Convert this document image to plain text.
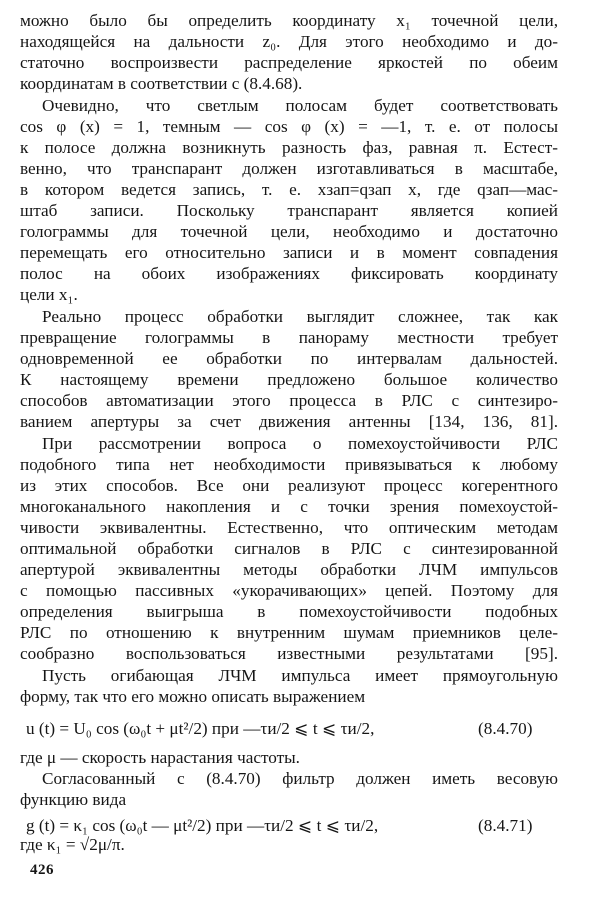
можно было бы определить координату x₁ точечной цели,
находящейся на дальности z₀. Для этого необходимо и до-
статочно воспроизвести распределение яркостей по обеим
координатам в соответствии с (8.4.68).
Очевидно, что светлым полосам будет соответствовать
cos φ (x) = 1, темным — cos φ (x) = —1, т. е. от полосы
к полосе должна возникнуть разность фаз, равная π. Естест-
венно, что транспарант должен изготавливаться в масштабе,
в котором ведется запись, т. е. xзап=qзап x, где qзап—мас-
штаб записи. Поскольку транспарант является копией
голограммы для точечной цели, необходимо и достаточно
перемещать его относительно записи и в момент совпадения
полос на обоих изображениях фиксировать координату
цели x₁.
Реально процесс обработки выглядит сложнее, так как
превращение голограммы в панораму местности требует
одновременной ее обработки по интервалам дальностей.
К настоящему времени предложено большое количество
способов автоматизации этого процесса в РЛС с синтезиро-
ванием апертуры за счет движения антенны [134, 136, 81].
При рассмотрении вопроса о помехоустойчивости РЛС
подобного типа нет необходимости привязываться к любому
из этих способов. Все они реализуют процесс когерентного
многоканального накопления и с точки зрения помехоустой-
чивости эквивалентны. Естественно, что оптическим методам
оптимальной обработки сигналов в РЛС с синтезированной
апертурой эквивалентны методы обработки ЛЧМ импульсов
с помощью пассивных «укорачивающих» цепей. Поэтому для
определения выигрыша в помехоустойчивости подобных
РЛС по отношению к внутренним шумам приемников целе-
сообразно воспользоваться известными результатами [95].
Пусть огибающая ЛЧМ импульса имеет прямоугольную
форму, так что его можно описать выражением
u (t) = U₀ cos (ω₀t + μt²/2) при —τи/2 ⩽ t ⩽ τи/2,	(8.4.70)
где μ — скорость нарастания частоты.
Согласованный с (8.4.70) фильтр должен иметь весовую
функцию вида
g (t) = κ₁ cos (ω₀t — μt²/2) при —τи/2 ⩽ t ⩽ τи/2,	(8.4.71)
где κ₁ = √2μ/π.
426
